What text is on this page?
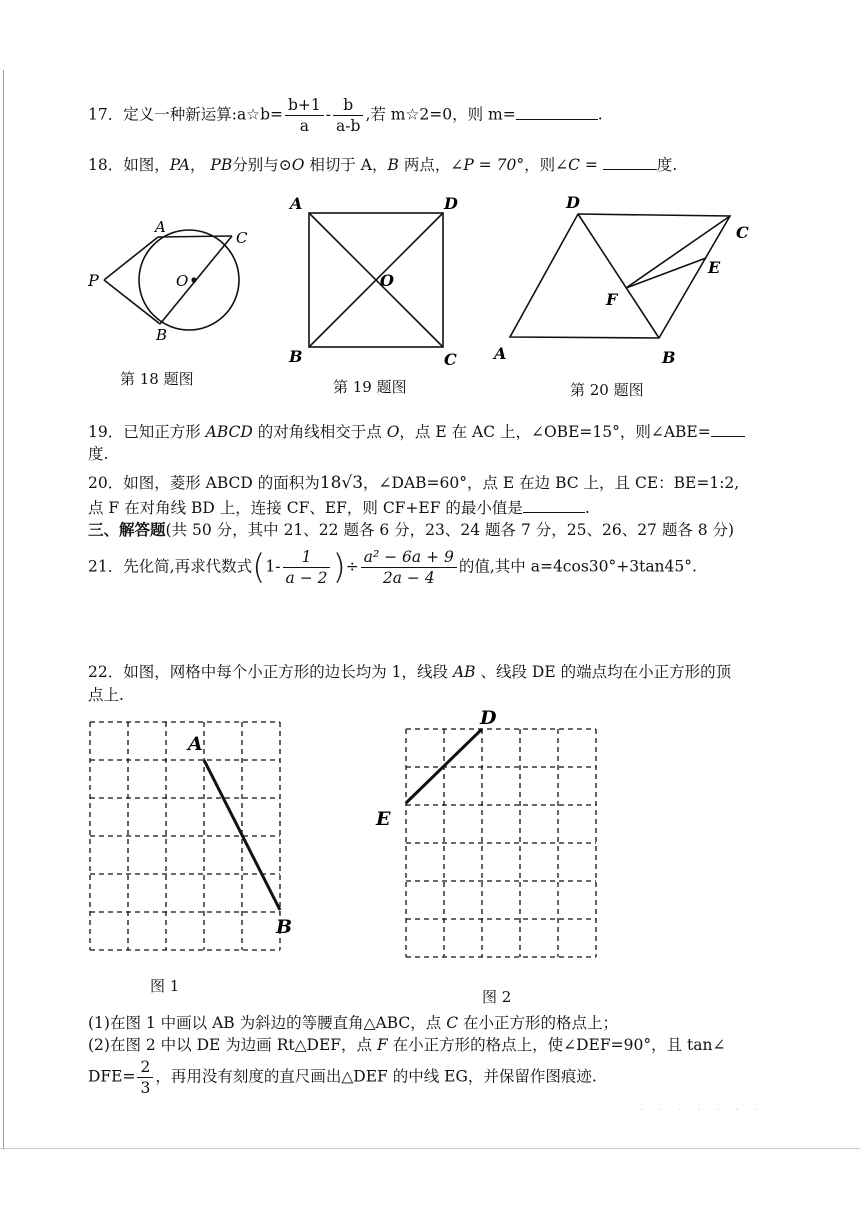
17．定义一种新运算:a☆b= $\frac{b+1}{a} - \frac{b}{a-b}$ ,若 m☆2=0，则 m=	.
18．如图，PA， PB分别与⊙O 相切于 A，B 两点，∠P = 70°，则∠C =	度.
P
A
C
O
B
A	D
O
B	C
D
C
E
F
A	B
第 18 题图	第 19 题图	第 20 题图
19．已知正方形 ABCD 的对角线相交于点 O，点 E 在 AC 上，∠OBE=15°，则∠ABE=
度.
20．如图，菱形 ABCD 的面积为18√3，∠DAB=60°，点 E 在边 BC 上，且 CE：BE=1:2,
点 F 在对角线 BD 上，连接 CF、EF，则 CF+EF 的最小值是	.
三、解答题(共 50 分，其中 21、22 题各 6 分，23、24 题各 7 分，25、26、27 题各 8 分)
21．先化简,再求代数式($1- \frac{1}{a - 2}$ )÷ $\frac{\text{a² − 6a + 9}}{2a - 4}$ 的值,其中 a=4cos30°+3tan45°.
22．如图，网格中每个小正方形的边长均为 1，线段 AB 、线段 DE 的端点均在小正方形的顶
点上.
A
B
D
E
图 1
图 2
(1)在图 1 中画以 AB 为斜边的等腰直角△ABC，点 C 在小正方形的格点上；
(2)在图 2 中以 DE 为边画 Rt△DEF，点 F 在小正方形的格点上，使∠DEF=90°，且 tan∠
$DFE= \frac{2}{3}$ ，再用没有刻度的直尺画出△DEF 的中线 EG，并保留作图痕迹.
· · · · · · ·
